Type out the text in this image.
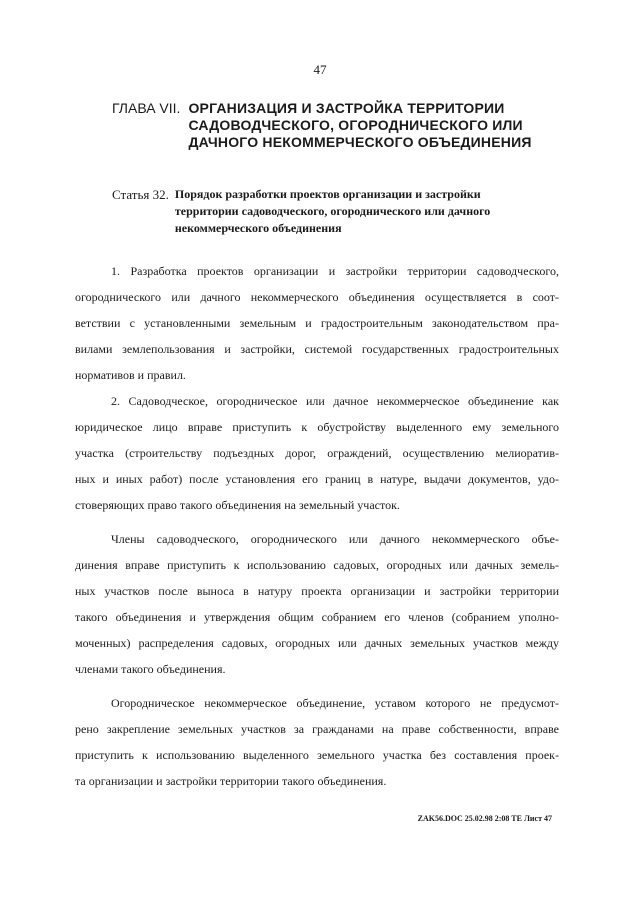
47
ГЛАВА VII. ОРГАНИЗАЦИЯ И ЗАСТРОЙКА ТЕРРИТОРИИ
САДОВОДЧЕСКОГО, ОГОРОДНИЧЕСКОГО ИЛИ
ДАЧНОГО НЕКОММЕРЧЕСКОГО ОБЪЕДИНЕНИЯ
Статья 32. Порядок разработки проектов организации и застройки
территории садоводческого, огороднического или дачного
некоммерческого объединения

1. Разработка проектов организации и застройки территории садоводческого,
огороднического или дачного некоммерческого объединения осуществляется в соот-
ветствии с установленными земельным и градостроительным законодательством пра-
вилами землепользования и застройки, системой государственных градостроительных
нормативов и правил.

2. Садоводческое, огородническое или дачное некоммерческое объединение как
юридическое лицо вправе приступить к обустройству выделенного ему земельного
участка (строительству подъездных дорог, ограждений, осуществлению мелиоратив-
ных и иных работ) после установления его границ в натуре, выдачи документов, удо-
стоверяющих право такого объединения на земельный участок.

Члены садоводческого, огороднического или дачного некоммерческого объе-
динения вправе приступить к использованию садовых, огородных или дачных земель-
ных участков после выноса в натуру проекта организации и застройки территории
такого объединения и утверждения общим собранием его членов (собранием уполно-
моченных) распределения садовых, огородных или дачных земельных участков между
членами такого объединения.

Огородническое некоммерческое объединение, уставом которого не предусмот-
рено закрепление земельных участков за гражданами на праве собственности, вправе
приступить к использованию выделенного земельного участка без составления проек-
та организации и застройки территории такого объединения.

ZAK56.DOC 25.02.98 2:08 TE Лист 47
